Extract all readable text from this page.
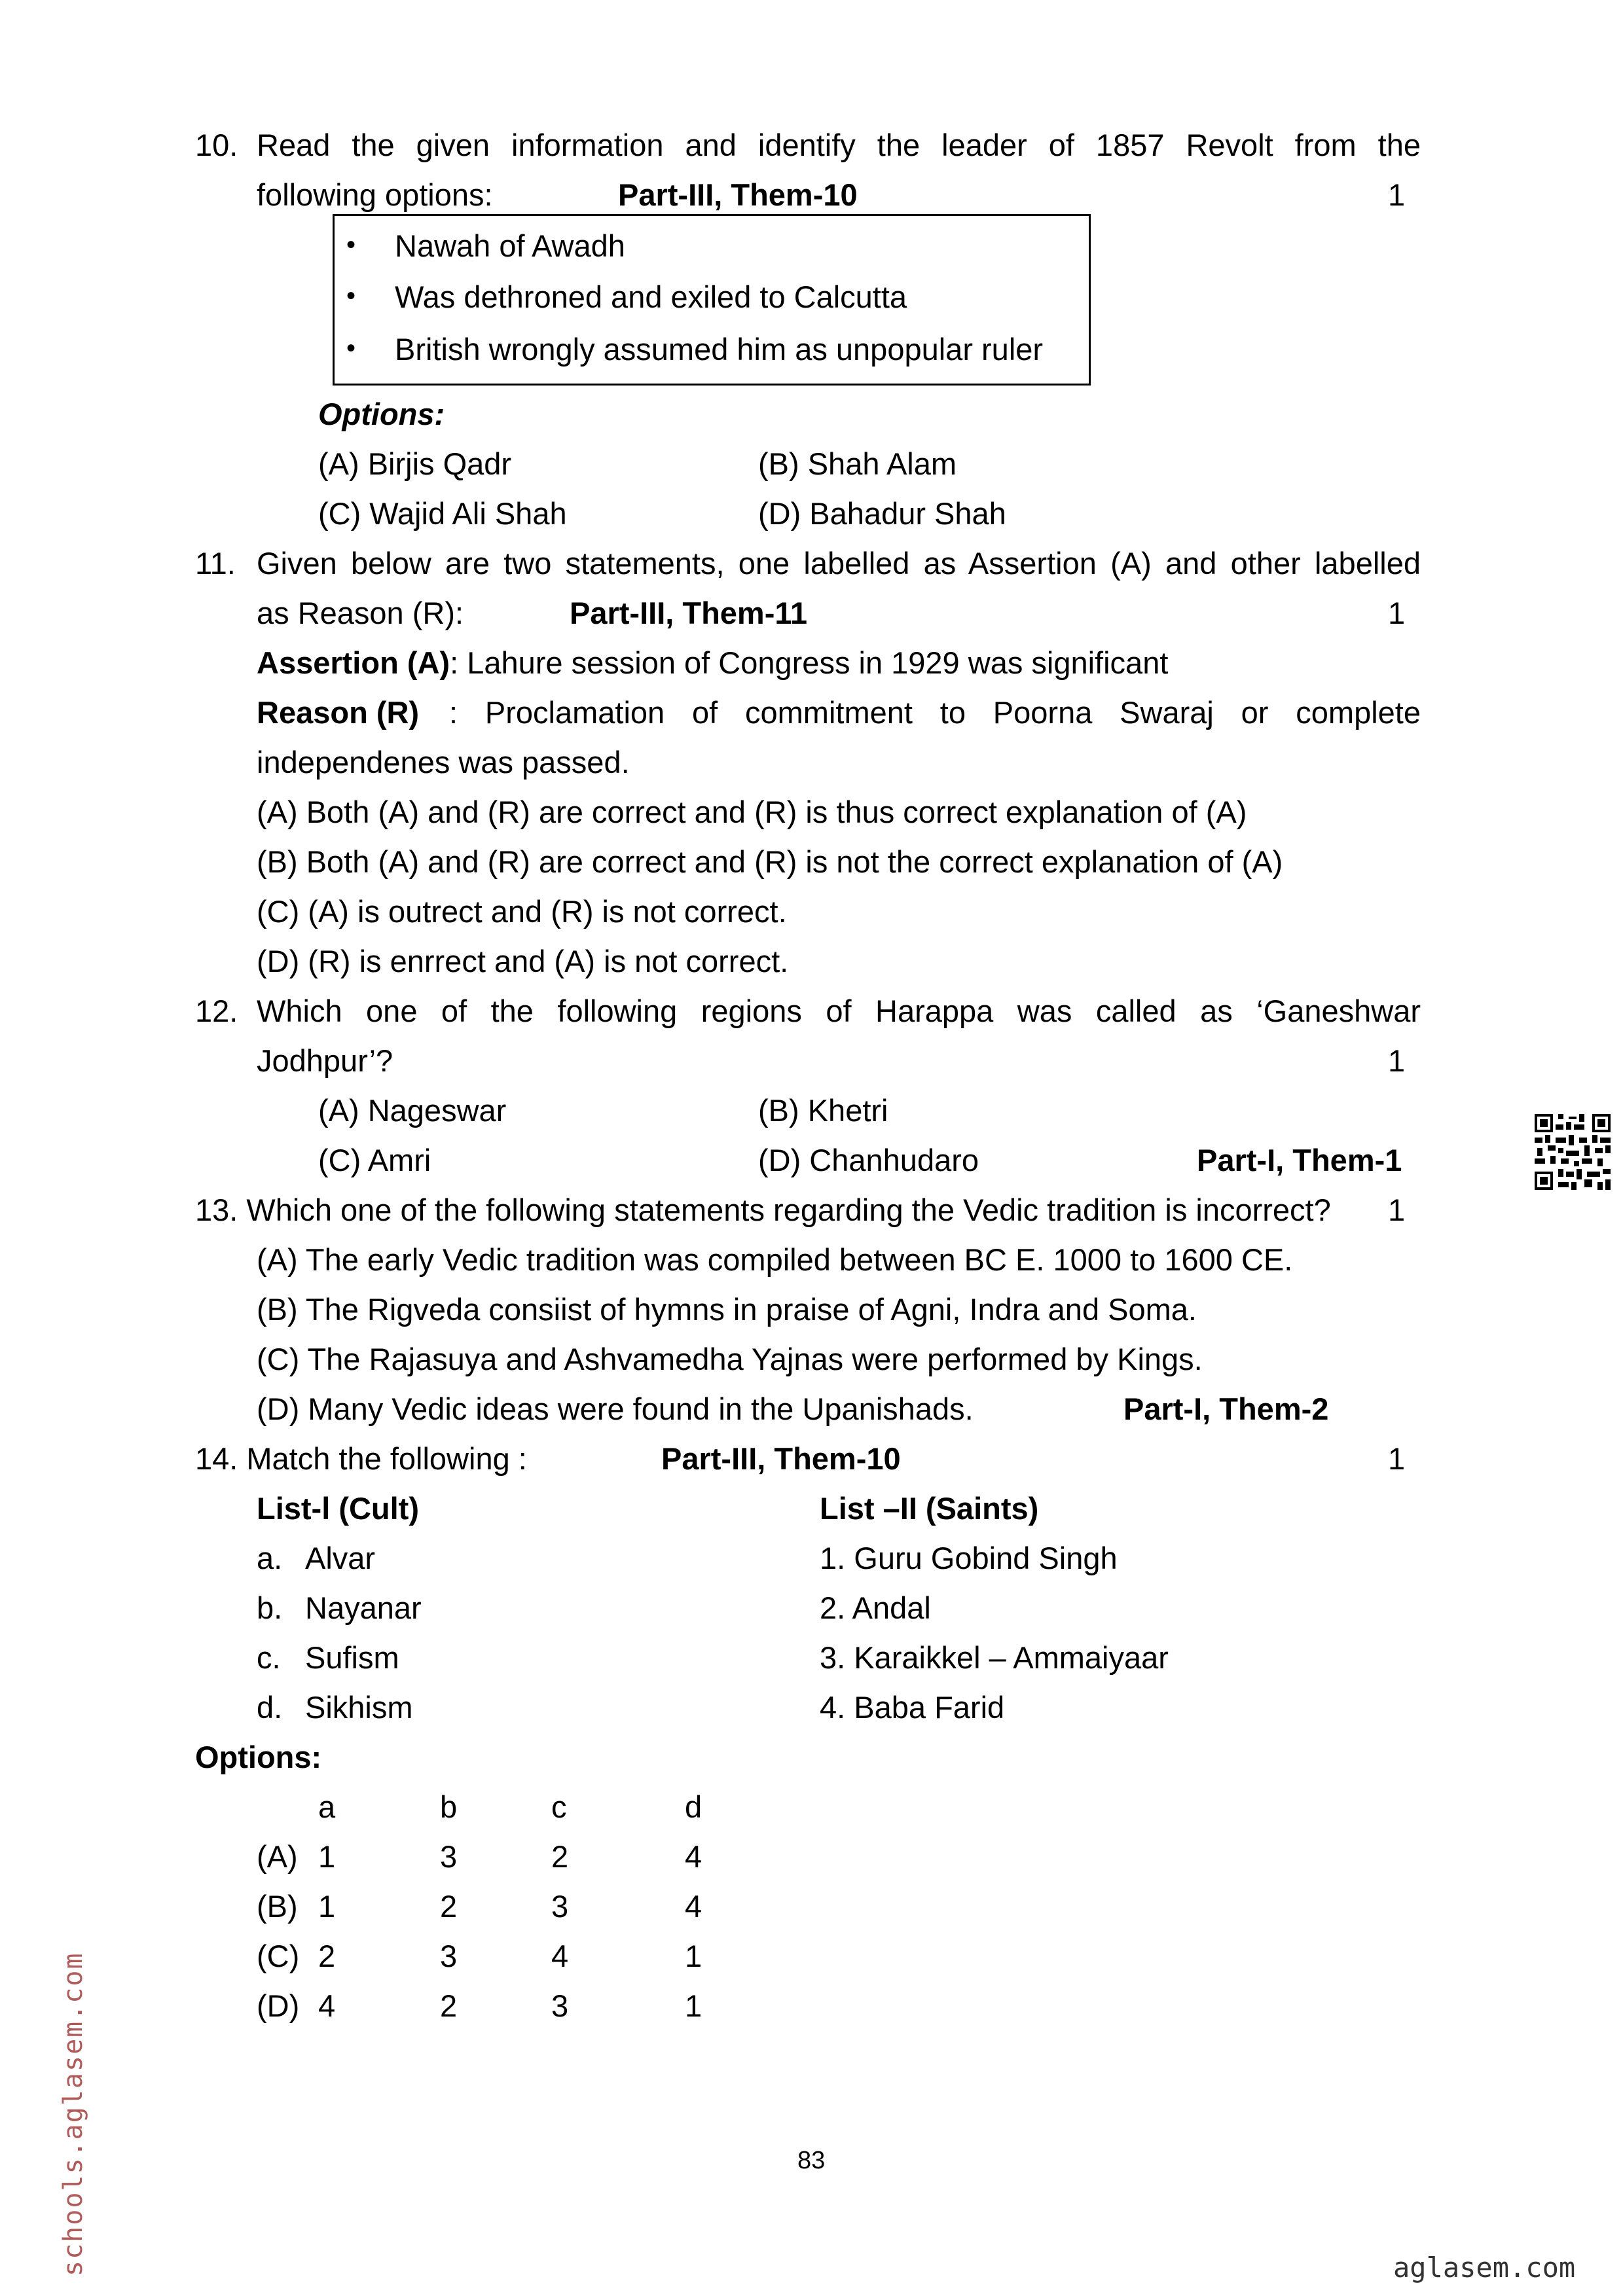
10. Read the given information and identify the leader of 1857 Revolt from the
following options:	Part-III, Them-10	1
• Nawah of Awadh
• Was dethroned and exiled to Calcutta
• British wrongly assumed him as unpopular ruler
Options:
(A) Birjis Qadr	(B) Shah Alam
(C) Wajid Ali Shah	(D) Bahadur Shah
11. Given below are two statements, one labelled as Assertion (A) and other labelled
as Reason (R):	Part-III, Them-11	1
Assertion (A): Lahure session of Congress in 1929 was significant
Reason (R) : Proclamation of commitment to Poorna Swaraj or complete
independenes was passed.
(A) Both (A) and (R) are correct and (R) is thus correct explanation of (A)
(B) Both (A) and (R) are correct and (R) is not the correct explanation of (A)
(C) (A) is outrect and (R) is not correct.
(D) (R) is enrrect and (A) is not correct.
12. Which one of the following regions of Harappa was called as ‘Ganeshwar
Jodhpur’?	1
(A) Nageswar	(B) Khetri
(C) Amri	(D) Chanhudaro	Part-I, Them-1
13. Which one of the following statements regarding the Vedic tradition is incorrect? 1
(A) The early Vedic tradition was compiled between BC E. 1000 to 1600 CE.
(B) The Rigveda consiist of hymns in praise of Agni, Indra and Soma.
(C) The Rajasuya and Ashvamedha Yajnas were performed by Kings.
(D) Many Vedic ideas were found in the Upanishads.	Part-I, Them-2
14. Match the following :	Part-III, Them-10	1
List-l (Cult)	List –II (Saints)
a. Alvar	1. Guru Gobind Singh
b. Nayanar	2. Andal
c. Sufism	3. Karaikkel – Ammaiyaar
d. Sikhism	4. Baba Farid
Options:
a	b	c	d
(A) 1	3	2	4
(B) 1	2	3	4
(C) 2	3	4	1
(D) 4	2	3	1
83
schools.aglasem.com	aglasem.com
